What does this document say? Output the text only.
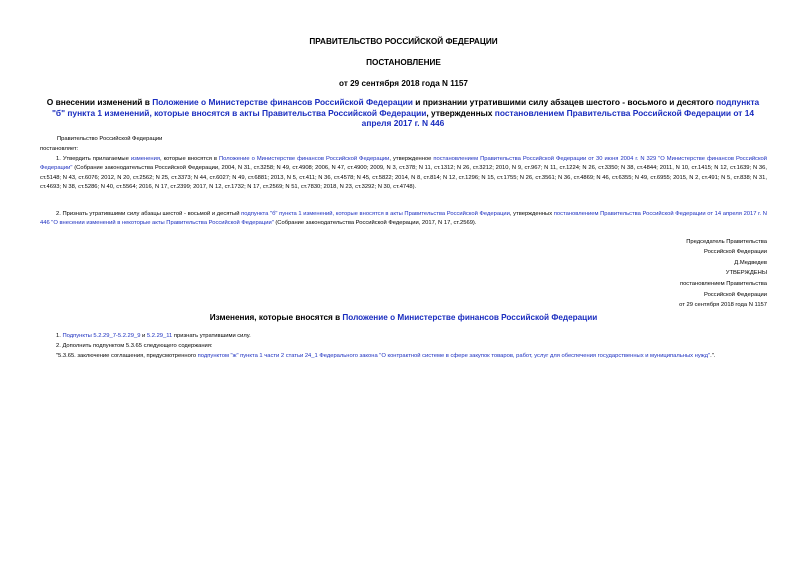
ПРАВИТЕЛЬСТВО РОССИЙСКОЙ ФЕДЕРАЦИИ
ПОСТАНОВЛЕНИЕ
от 29 сентября 2018 года N 1157
О внесении изменений в Положение о Министерстве финансов Российской Федерации и признании утратившими силу абзацев шестого - восьмого и десятого подпункта "б" пункта 1 изменений, которые вносятся в акты Правительства Российской Федерации, утвержденных постановлением Правительства Российской Федерации от 14 апреля 2017 г. N 446
Правительство Российской Федерации
постановляет:
1. Утвердить прилагаемые изменения, которые вносятся в Положение о Министерстве финансов Российской Федерации, утвержденное постановлением Правительства Российской Федерации от 30 июня 2004 г. N 329 "О Министерстве финансов Российской Федерации" (Собрание законодательства Российской Федерации, 2004, N 31, ст.3258; N 49, ст.4908; 2006, N 47, ст.4900; 2009, N 3, ст.378; N 11, ст.1312; N 26, ст.3212; 2010, N 9, ст.967; N 11, ст.1224; N 26, ст.3350; N 38, ст.4844; 2011, N 10, ст.1415; N 12, ст.1639; N 36, ст.5148; N 43, ст.6076; 2012, N 20, ст.2562; N 25, ст.3373; N 44, ст.6027; N 49, ст.6881; 2013, N 5, ст.411; N 36, ст.4578; N 45, ст.5822; 2014, N 8, ст.814; N 12, ст.1296; N 15, ст.1755; N 26, ст.3561; N 36, ст.4869; N 46, ст.6355; N 49, ст.6955; 2015, N 2, ст.491; N 5, ст.838; N 31, ст.4693; N 38, ст.5286; N 40, ст.5564; 2016, N 17, ст.2399; 2017, N 12, ст.1732; N 17, ст.2569; N 51, ст.7830; 2018, N 23, ст.3292; N 30, ст.4748).
2. Признать утратившими силу абзацы шестой - восьмой и десятый подпункта "б" пункта 1 изменений, которые вносятся в акты Правительства Российской Федерации, утвержденных постановлением Правительства Российской Федерации от 14 апреля 2017 г. N 446 "О внесении изменений в некоторые акты Правительства Российской Федерации" (Собрание законодательства Российской Федерации, 2017, N 17, ст.2569).
Председатель Правительства
Российской Федерации
Д.Медведев
УТВЕРЖДЕНЫ
постановлением Правительства
Российской Федерации
от 29 сентября 2018 года N 1157
Изменения, которые вносятся в Положение о Министерстве финансов Российской Федерации
1. Подпункты 5.2.29_7-5.2.29_9 и 5.2.29_11 признать утратившими силу.
2. Дополнить подпунктом 5.3.65 следующего содержания:
"5.3.65. заключение соглашения, предусмотренного подпунктом "ж" пункта 1 части 2 статьи 24_1 Федерального закона "О контрактной системе в сфере закупок товаров, работ, услуг для обеспечения государственных и муниципальных нужд".".
